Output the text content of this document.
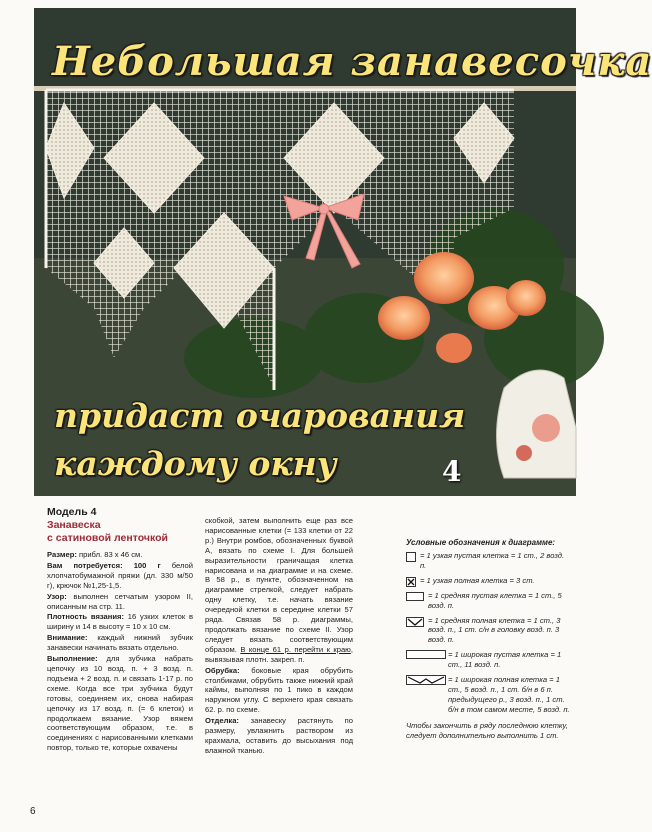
Небольшая занавесочка
придаст очарования
каждому окну	4
Модель 4
Занавеска
с сатиновой ленточкой

Размер: прибл. 83 х 46 см.

Вам потребуется: 100 г белой хлопчатобумажной пряжи (дл. 330 м/50 г), крючок №1,25-1,5.

Узор: выполнен сетчатым узором II, описанным на стр. 11.

Плотность вязания: 16 узких клеток в ширину и 14 в высоту = 10 х 10 см.

Внимание: каждый нижний зубчик занавески начинать вязать отдельно.

Выполнение: для зубчика набрать цепочку из 10 возд. п. + 3 возд. п. подъема + 2 возд. п. и связать 1-17 р. по схеме. Когда все три зубчика будут готовы, соединяем их, снова набирая цепочку из 17 возд. п. (= 6 клеток) и продолжаем вязание. Узор вяжем соответствующим образом, т.е. в соединениях с нарисованными клетками повтор, только те, которые охвачены

скобкой, затем выполнить еще раз все нарисованные клетки (= 133 клетки от 22 р.) Внутри ромбов, обозначенных буквой А, вязать по схеме I. Для большей выразительности граничащая клетка нарисована и на диаграмме и на схеме. В 58 р., в пункте, обозначенном на диаграмме стрелкой, следует набрать одну клетку, т.е. начать вязание очередной клетки в середине клетки 57 ряда. Связав 58 р. диаграммы, продолжать вязание по схеме II. Узор следует вязать соответствующим образом. В конце 61 р. перейти к краю, вывязывая плотн. закреп. п.

Обрубка: боковые края обрубить столбиками, обрубить также нижний край каймы, выполняя по 1 пико в каждом наружном углу. С верхнего края связать 62. р. по схеме.

Отделка: занавеску растянуть по размеру, увлажнить раствором из крахмала, оставить до высыхания под влажной тканью.

Условные обозначения к диаграмме:
= 1 узкая пустая клетка = 1 ст., 2 возд. п.
= 1 узкая полная клетка = 3 ст.
= 1 средняя пустая клетка = 1 ст., 5 возд. п.
= 1 средняя полная клетка = 1 ст., 3 возд. п., 1 ст. с/н в головку возд. п. 3 возд. п.
= 1 широкая пустая клетка = 1 ст., 11 возд. п.
= 1 широкая полная клетка = 1 ст., 5 возд. п., 1 ст. б/н в 6 п. предыдущего р., 3 возд. п., 1 ст. б/н в том самом месте, 5 возд. п.
Чтобы закончить в ряду последнюю клетку, следует дополнительно выполнить 1 ст.
6
